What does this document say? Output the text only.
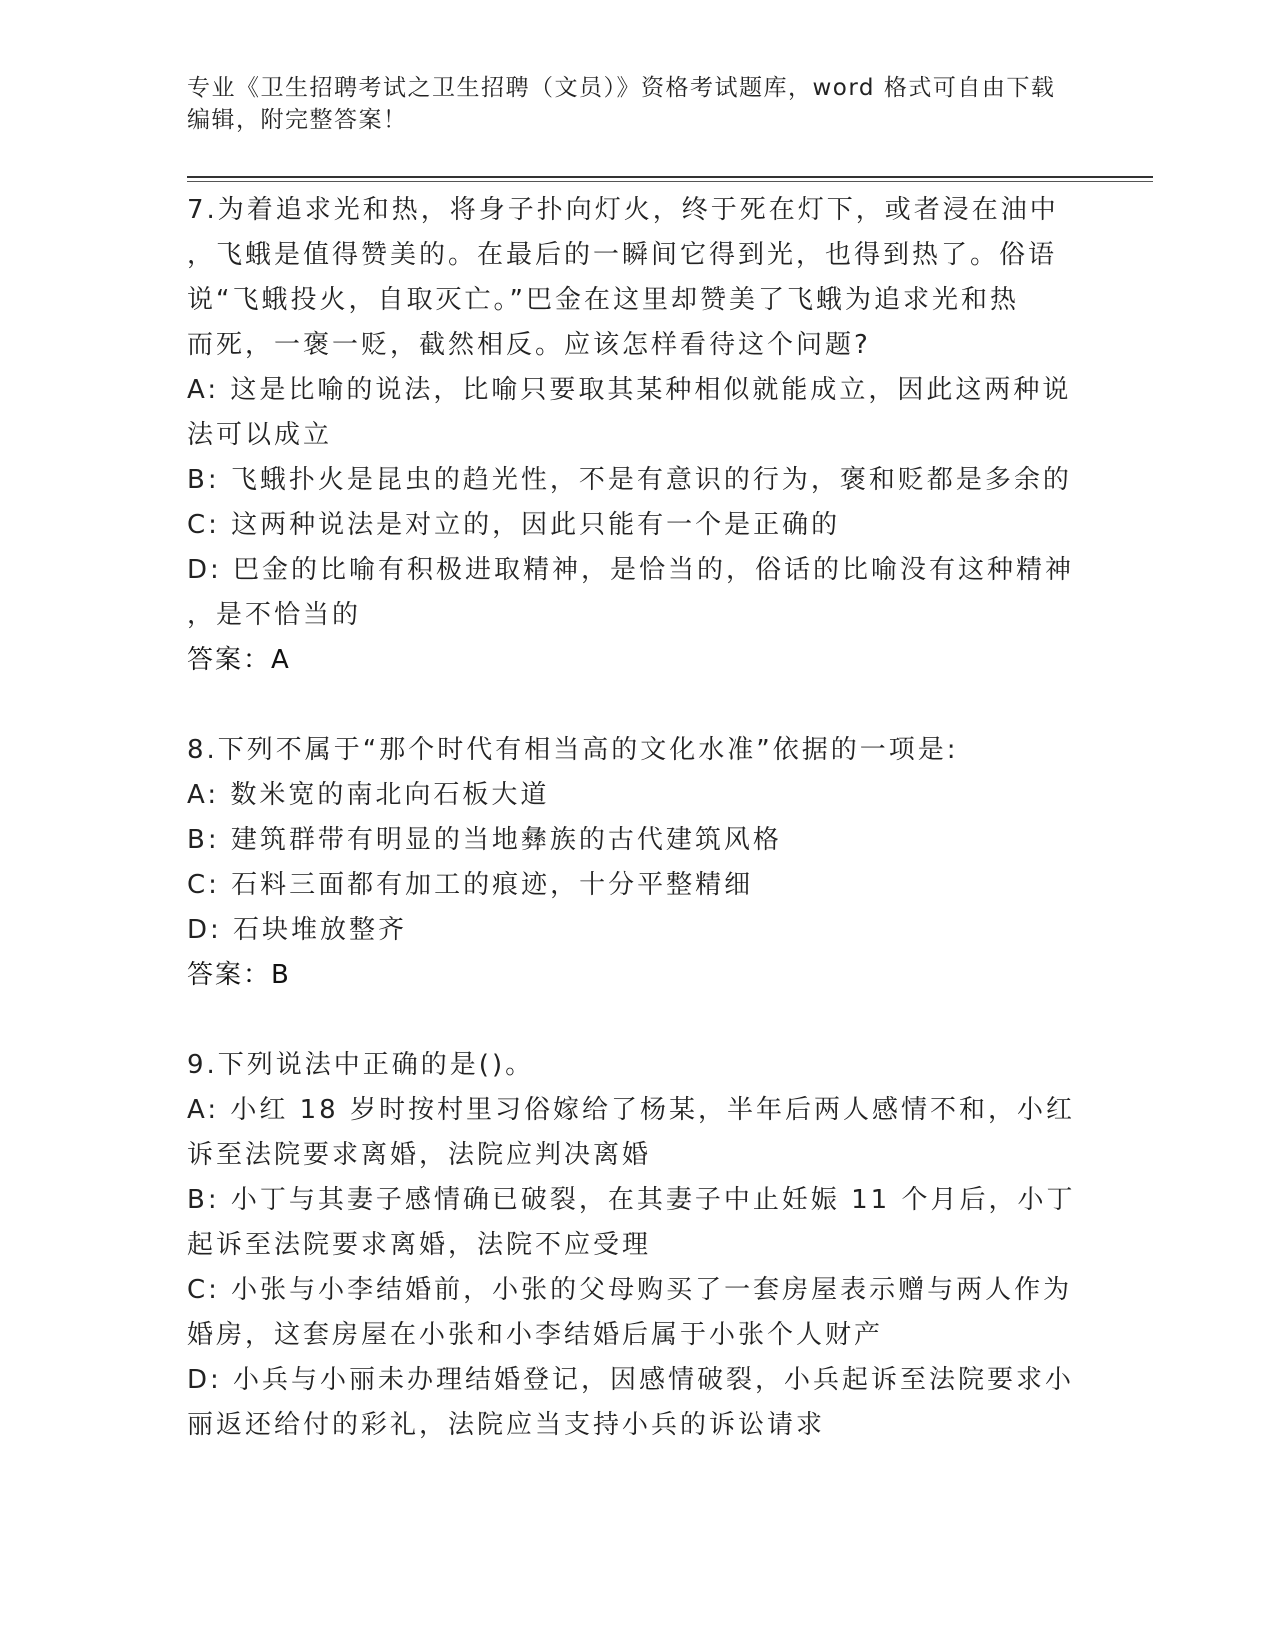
专业《卫生招聘考试之卫生招聘（文员）》资格考试题库，word 格式可自由下载
编辑，附完整答案！
7.为着追求光和热，将身子扑向灯火，终于死在灯下，或者浸在油中
，飞蛾是值得赞美的。在最后的一瞬间它得到光，也得到热了。俗语
说“飞蛾投火，自取灭亡。”巴金在这里却赞美了飞蛾为追求光和热
而死，一褒一贬，截然相反。应该怎样看待这个问题?
A: 这是比喻的说法，比喻只要取其某种相似就能成立，因此这两种说
法可以成立
B: 飞蛾扑火是昆虫的趋光性，不是有意识的行为，褒和贬都是多余的
C: 这两种说法是对立的，因此只能有一个是正确的
D: 巴金的比喻有积极进取精神，是恰当的，俗话的比喻没有这种精神
，是不恰当的
答案：A
8.下列不属于“那个时代有相当高的文化水准”依据的一项是:
A: 数米宽的南北向石板大道
B: 建筑群带有明显的当地彝族的古代建筑风格
C: 石料三面都有加工的痕迹，十分平整精细
D: 石块堆放整齐
答案：B
9.下列说法中正确的是()。
A: 小红 18 岁时按村里习俗嫁给了杨某，半年后两人感情不和，小红
诉至法院要求离婚，法院应判决离婚
B: 小丁与其妻子感情确已破裂，在其妻子中止妊娠 11 个月后，小丁
起诉至法院要求离婚，法院不应受理
C: 小张与小李结婚前，小张的父母购买了一套房屋表示赠与两人作为
婚房，这套房屋在小张和小李结婚后属于小张个人财产
D: 小兵与小丽未办理结婚登记，因感情破裂，小兵起诉至法院要求小
丽返还给付的彩礼，法院应当支持小兵的诉讼请求
